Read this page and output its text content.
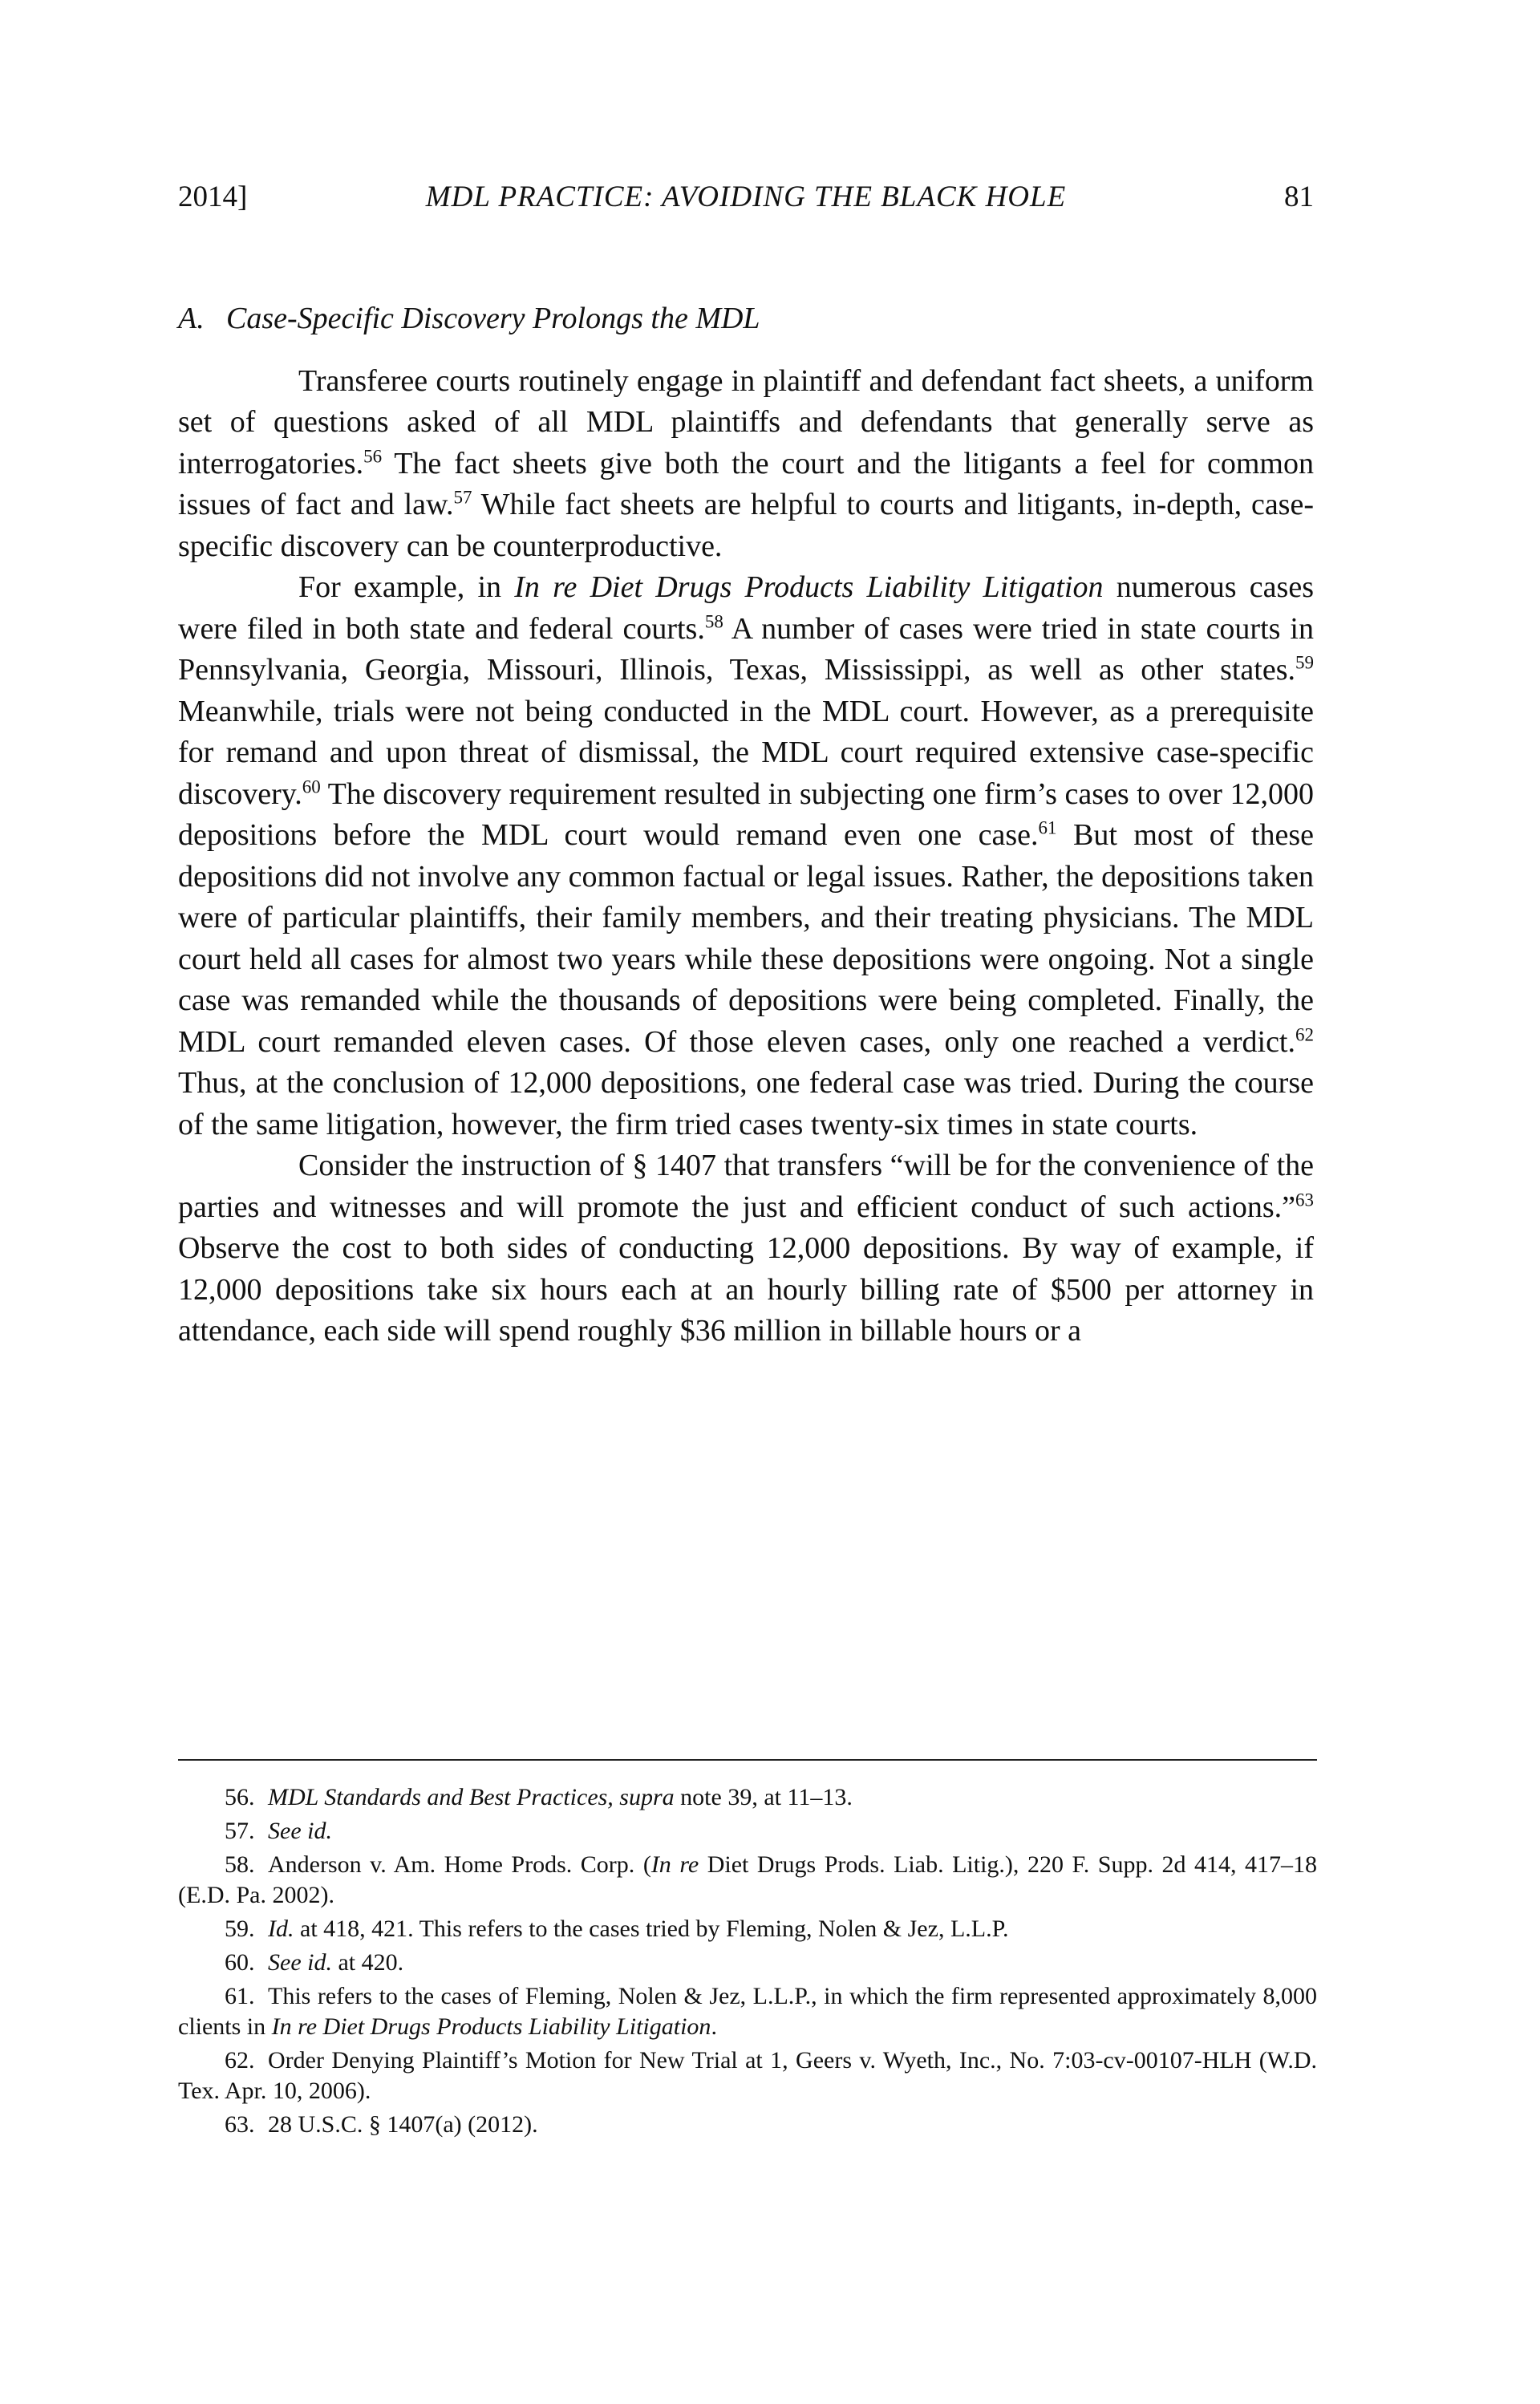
2014]	MDL PRACTICE: AVOIDING THE BLACK HOLE	81
A. Case-Specific Discovery Prolongs the MDL

Transferee courts routinely engage in plaintiff and defendant fact sheets, a uniform set of questions asked of all MDL plaintiffs and defendants that generally serve as interrogatories.$^{56}$ The fact sheets give both the court and the litigants a feel for common issues of fact and law.$^{57}$ While fact sheets are helpful to courts and litigants, in-depth, case-specific discovery can be counterproductive.

For example, in In re Diet Drugs Products Liability Litigation numerous cases were filed in both state and federal courts.$^{58}$ A number of cases were tried in state courts in Pennsylvania, Georgia, Missouri, Illinois, Texas, Mississippi, as well as other states.$^{59}$ Meanwhile, trials were not being conducted in the MDL court. However, as a prerequisite for remand and upon threat of dismissal, the MDL court required extensive case-specific discovery.$^{60}$ The discovery requirement resulted in subjecting one firm’s cases to over 12,000 depositions before the MDL court would remand even one case.$^{61}$ But most of these depositions did not involve any common factual or legal issues. Rather, the depositions taken were of particular plaintiffs, their family members, and their treating physicians. The MDL court held all cases for almost two years while these depositions were ongoing. Not a single case was remanded while the thousands of depositions were being completed. Finally, the MDL court remanded eleven cases. Of those eleven cases, only one reached a verdict.$^{62}$ Thus, at the conclusion of 12,000 depositions, one federal case was tried. During the course of the same litigation, however, the firm tried cases twenty-six times in state courts.

Consider the instruction of § 1407 that transfers “will be for the convenience of the parties and witnesses and will promote the just and efficient conduct of such actions.”$^{63}$ Observe the cost to both sides of conducting 12,000 depositions. By way of example, if 12,000 depositions take six hours each at an hourly billing rate of $500 per attorney in attendance, each side will spend roughly $36 million in billable hours or a

56. MDL Standards and Best Practices, supra note 39, at 11–13.

57. See id.

58. Anderson v. Am. Home Prods. Corp. (In re Diet Drugs Prods. Liab. Litig.), 220 F. Supp. 2d 414, 417–18 (E.D. Pa. 2002).

59. Id. at 418, 421. This refers to the cases tried by Fleming, Nolen & Jez, L.L.P.

60. See id. at 420.

61. This refers to the cases of Fleming, Nolen & Jez, L.L.P., in which the firm represented approximately 8,000 clients in In re Diet Drugs Products Liability Litigation.

62. Order Denying Plaintiff’s Motion for New Trial at 1, Geers v. Wyeth, Inc., No. 7:03-cv-00107-HLH (W.D. Tex. Apr. 10, 2006).

63. 28 U.S.C. § 1407(a) (2012).
